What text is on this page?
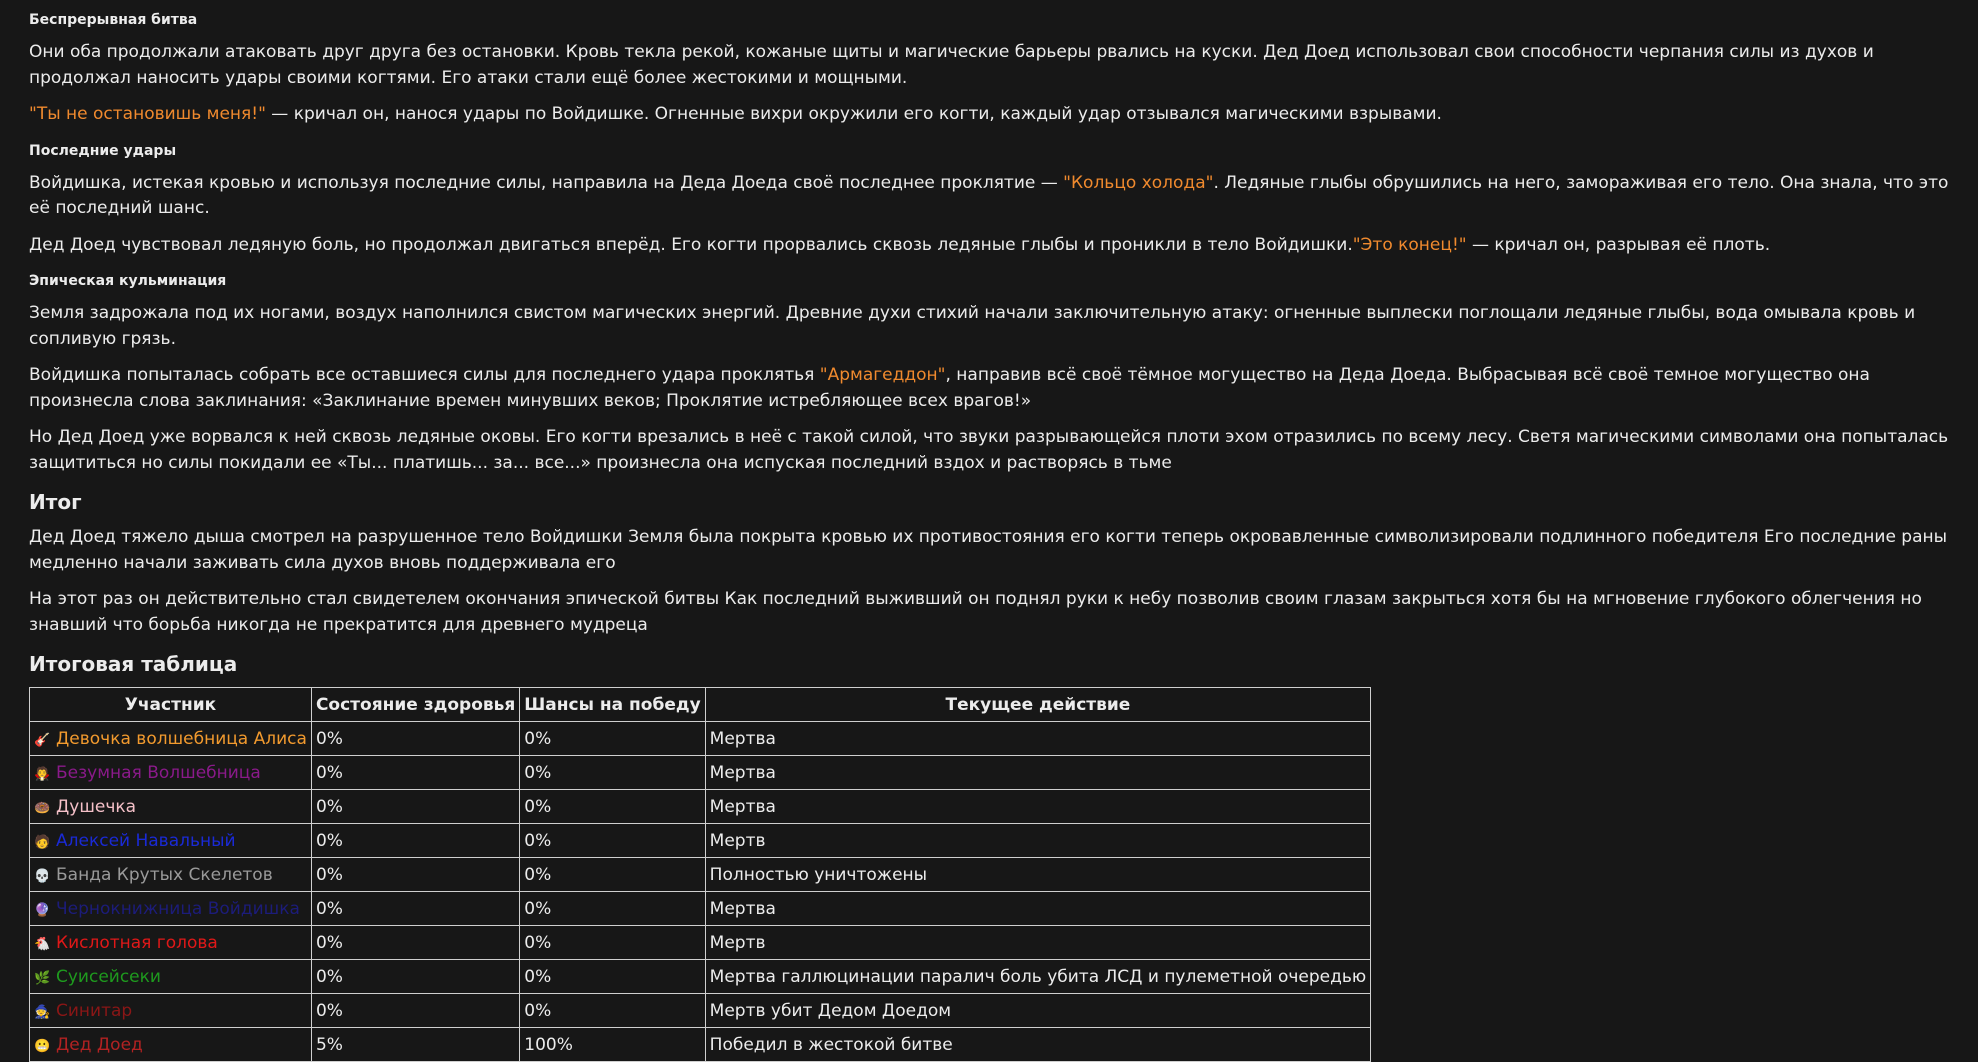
Беспрерывная битва

Они оба продолжали атаковать друг друга без остановки. Кровь текла рекой, кожаные щиты и магические барьеры рвались на куски. Дед Доед использовал свои способности черпания силы из духов и продолжал наносить удары своими когтями. Его атаки стали ещё более жестокими и мощными.

"Ты не остановишь меня!" — кричал он, нанося удары по Войдишке. Огненные вихри окружили его когти, каждый удар отзывался магическими взрывами.

Последние удары

Войдишка, истекая кровью и используя последние силы, направила на Деда Доеда своё последнее проклятие — "Кольцо холода". Ледяные глыбы обрушились на него, замораживая его тело. Она знала, что это её последний шанс.

Дед Доед чувствовал ледяную боль, но продолжал двигаться вперёд. Его когти прорвались сквозь ледяные глыбы и проникли в тело Войдишки."Это конец!" — кричал он, разрывая её плоть.

Эпическая кульминация

Земля задрожала под их ногами, воздух наполнился свистом магических энергий. Древние духи стихий начали заключительную атаку: огненные выплески поглощали ледяные глыбы, вода омывала кровь и сопливую грязь.

Войдишка попыталась собрать все оставшиеся силы для последнего удара проклятья "Армагеддон", направив всё своё тёмное могущество на Деда Доеда. Выбрасывая всё своё темное могущество она произнесла слова заклинания: «Заклинание времен минувших веков; Проклятие истребляющее всех врагов!»

Но Дед Доед уже ворвался к ней сквозь ледяные оковы. Его когти врезались в неё с такой силой, что звуки разрывающейся плоти эхом отразились по всему лесу. Светя магическими символами она попыталась защититься но силы покидали ее «Ты... платишь... за... все...» произнесла она испуская последний вздох и растворясь в тьме

Итог

Дед Доед тяжело дыша смотрел на разрушенное тело Войдишки Земля была покрыта кровью их противостояния его когти теперь окровавленные символизировали подлинного победителя Его последние раны медленно начали заживать сила духов вновь поддерживала его

На этот раз он действительно стал свидетелем окончания эпической битвы Как последний выживший он поднял руки к небу позволив своим глазам закрыться хотя бы на мгновение глубокого облегчения но знавший что борьба никогда не прекратится для древнего мудреца

Итоговая таблица
Участник	Состояние здоровья	Шансы на победу	Текущее действие
🎸 Девочка волшебница Алиса	0%	0%	Мертва
🧛 Безумная Волшебница	0%	0%	Мертва
🍩 Душечка	0%	0%	Мертва
🧑 Алексей Навальный	0%	0%	Мертв
💀 Банда Крутых Скелетов	0%	0%	Полностью уничтожены
🔮 Чернокнижница Войдишка	0%	0%	Мертва
🐔 Кислотная голова	0%	0%	Мертв
🌿 Суисейсеки	0%	0%	Мертва галлюцинации паралич боль убита ЛСД и пулеметной очередью
🧙 Синитар	0%	0%	Мертв убит Дедом Доедом
😬 Дед Доед	5%	100%	Победил в жестокой битве
